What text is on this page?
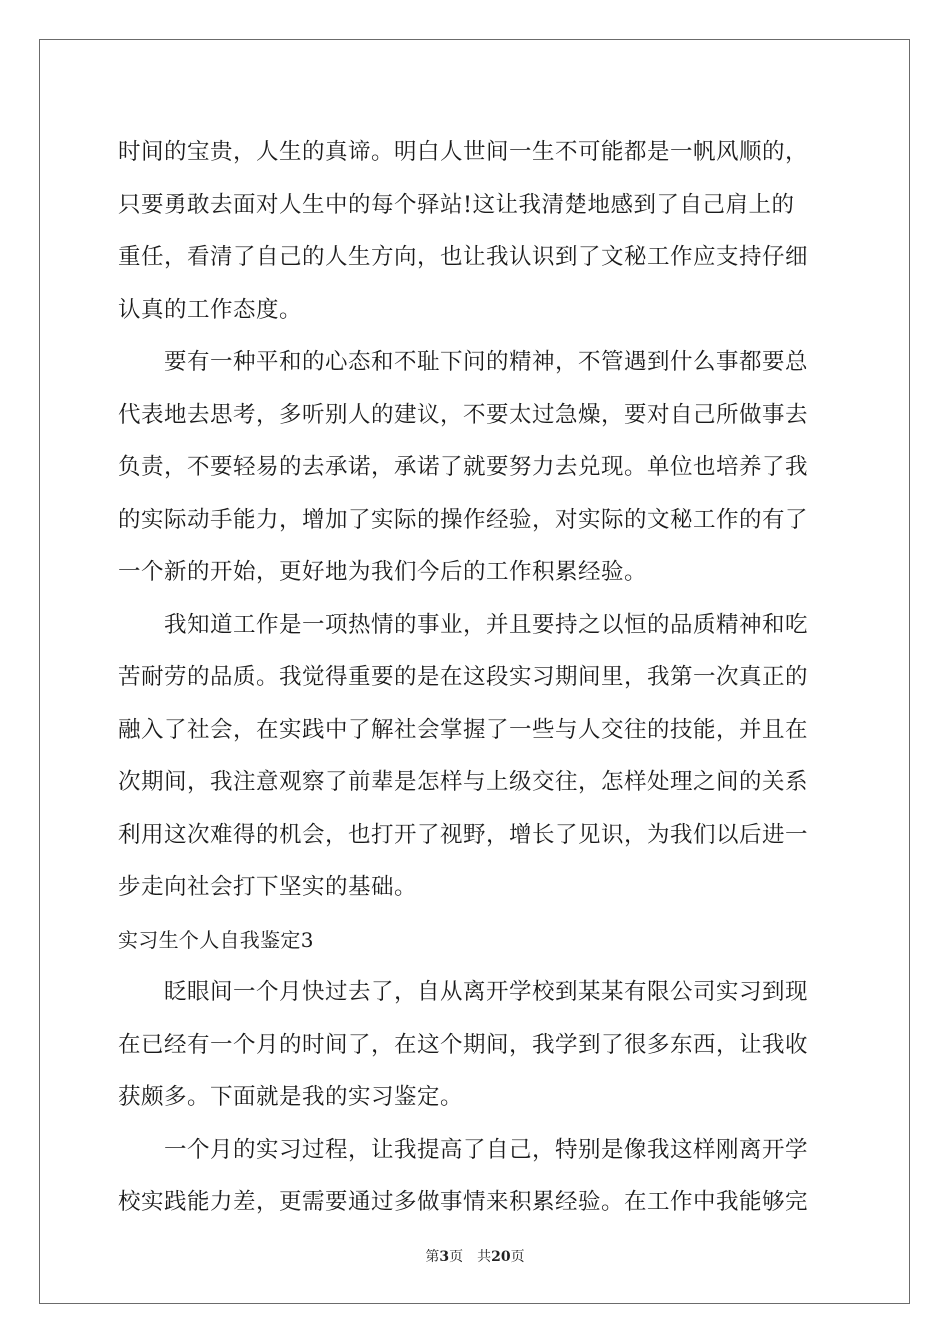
时间的宝贵，人生的真谛。明白人世间一生不可能都是一帆风顺的，
只要勇敢去面对人生中的每个驿站!这让我清楚地感到了自己肩上的
重任，看清了自己的人生方向，也让我认识到了文秘工作应支持仔细
认真的工作态度。
　　要有一种平和的心态和不耻下问的精神，不管遇到什么事都要总
代表地去思考，多听别人的建议，不要太过急燥，要对自己所做事去
负责，不要轻易的去承诺，承诺了就要努力去兑现。单位也培养了我
的实际动手能力，增加了实际的操作经验，对实际的文秘工作的有了
一个新的开始，更好地为我们今后的工作积累经验。
　　我知道工作是一项热情的事业，并且要持之以恒的品质精神和吃
苦耐劳的品质。我觉得重要的是在这段实习期间里，我第一次真正的
融入了社会，在实践中了解社会掌握了一些与人交往的技能，并且在
次期间，我注意观察了前辈是怎样与上级交往，怎样处理之间的关系
利用这次难得的机会，也打开了视野，增长了见识，为我们以后进一
步走向社会打下坚实的基础。
实习生个人自我鉴定3
　　眨眼间一个月快过去了，自从离开学校到某某有限公司实习到现
在已经有一个月的时间了，在这个期间，我学到了很多东西，让我收
获颇多。下面就是我的实习鉴定。
　　一个月的实习过程，让我提高了自己，特别是像我这样刚离开学
校实践能力差，更需要通过多做事情来积累经验。在工作中我能够完
第3页 共20页
